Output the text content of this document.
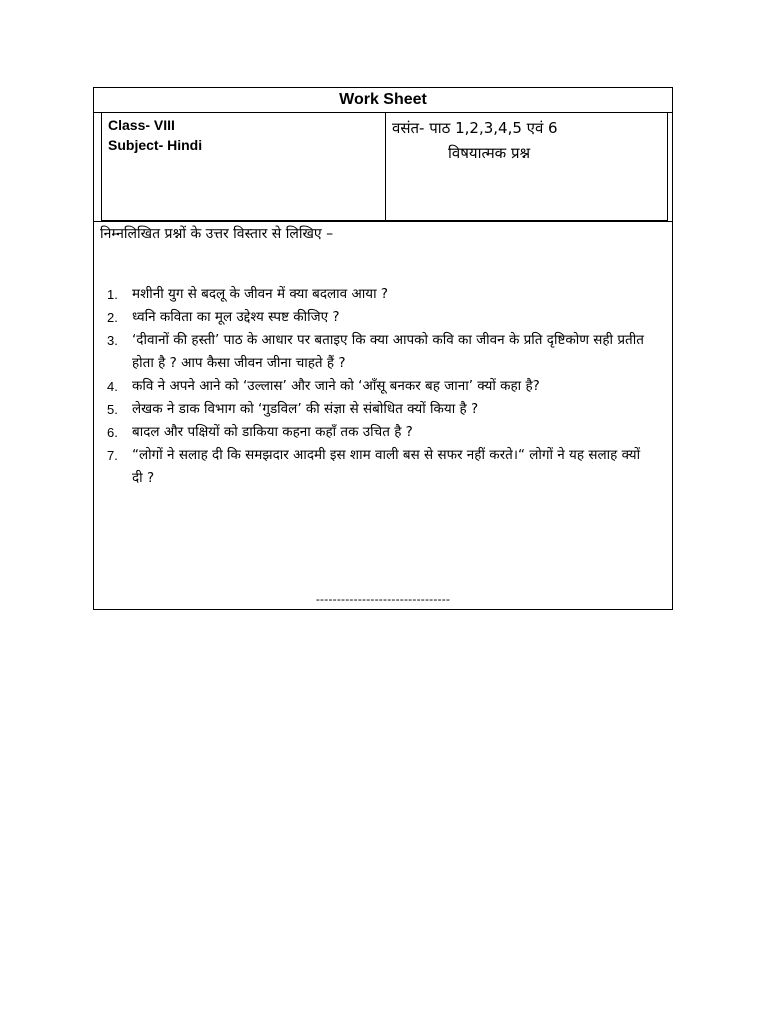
Work Sheet
Class- VIII
Subject- Hindi
वसंत- पाठ 1,2,3,4,5 एवं 6
विषयात्मक प्रश्न
निम्नलिखित प्रश्नों के उत्तर विस्तार से लिखिए –
1. मशीनी युग से बदलू के जीवन में क्या बदलाव आया ?
2. ध्वनि कविता का मूल उद्देश्य स्पष्ट कीजिए ?
3. ‘दीवानों की हस्ती’ पाठ के आधार पर बताइए कि क्या आपको कवि का जीवन के प्रति दृष्टिकोण सही प्रतीत होता है ? आप कैसा जीवन जीना चाहते हैं ?
4. कवि ने अपने आने को ‘उल्लास’ और जाने को ‘आँसू बनकर बह जाना’ क्यों कहा है?
5. लेखक ने डाक विभाग को ‘गुडविल’ की संज्ञा से संबोधित क्यों किया है ?
6. बादल और पक्षियों को डाकिया कहना कहाँ तक उचित है ?
7. “लोगों ने सलाह दी कि समझदार आदमी इस शाम वाली बस से सफर नहीं करते।“ लोगों ने यह सलाह क्यों दी ?
--------------------------------
